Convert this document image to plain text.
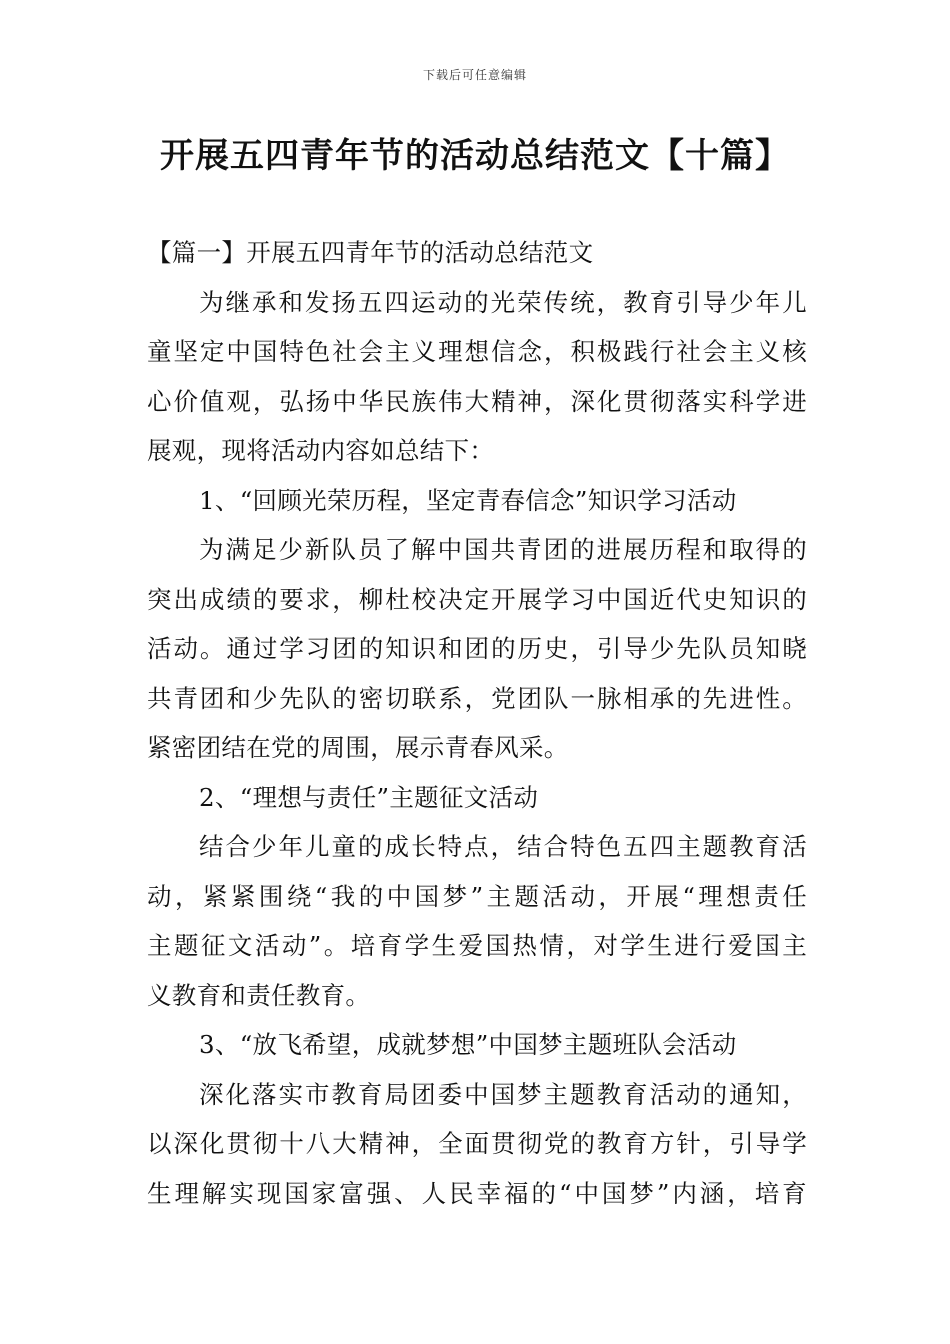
下载后可任意编辑
开展五四青年节的活动总结范文【十篇】
【篇一】开展五四青年节的活动总结范文
为继承和发扬五四运动的光荣传统，教育引导少年儿
童坚定中国特色社会主义理想信念，积极践行社会主义核
心价值观，弘扬中华民族伟大精神，深化贯彻落实科学进
展观，现将活动内容如总结下：
1、“回顾光荣历程，坚定青春信念”知识学习活动
为满足少新队员了解中国共青团的进展历程和取得的
突出成绩的要求，柳杜校决定开展学习中国近代史知识的
活动。通过学习团的知识和团的历史，引导少先队员知晓
共青团和少先队的密切联系，党团队一脉相承的先进性。
紧密团结在党的周围，展示青春风采。
2、“理想与责任”主题征文活动
结合少年儿童的成长特点，结合特色五四主题教育活
动，紧紧围绕“我的中国梦”主题活动，开展“理想责任
主题征文活动”。培育学生爱国热情，对学生进行爱国主
义教育和责任教育。
3、“放飞希望，成就梦想”中国梦主题班队会活动
深化落实市教育局团委中国梦主题教育活动的通知，
以深化贯彻十八大精神，全面贯彻党的教育方针，引导学
生理解实现国家富强、人民幸福的“中国梦”内涵，培育
